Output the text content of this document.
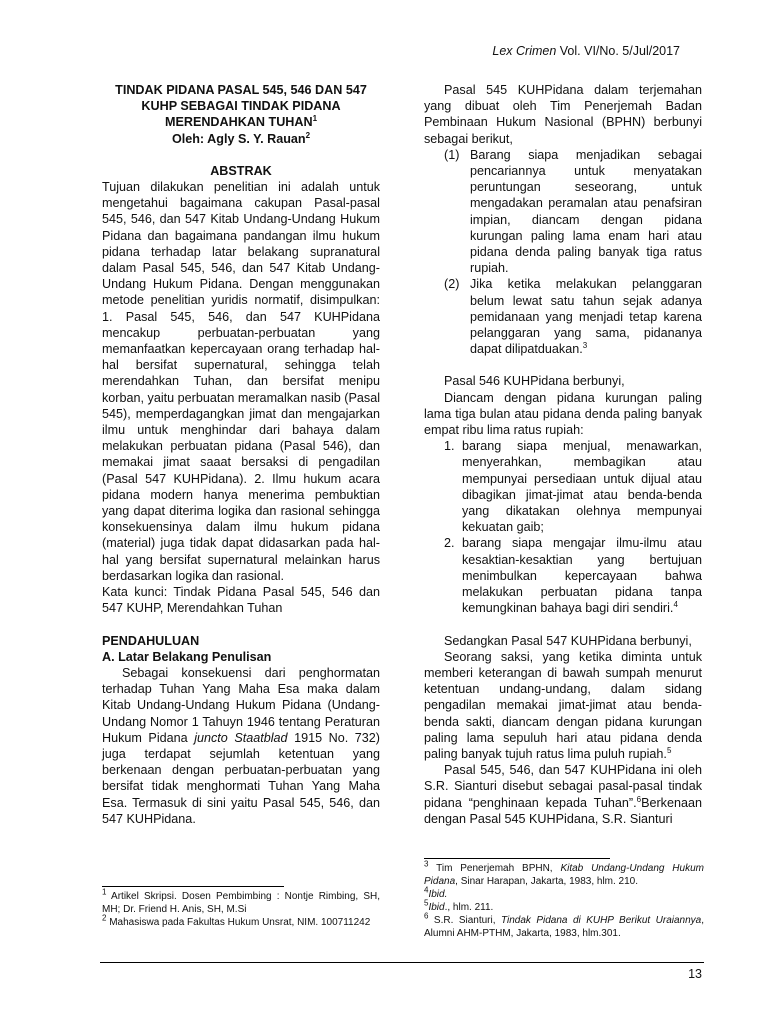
Lex Crimen Vol. VI/No. 5/Jul/2017

TINDAK PIDANA PASAL 545, 546 DAN 547
KUHP SEBAGAI TINDAK PIDANA
MERENDAHKAN TUHAN$^1$
Oleh: Agly S. Y. Rauan$^2$

ABSTRAK

Tujuan dilakukan penelitian ini adalah untuk mengetahui bagaimana cakupan Pasal-pasal 545, 546, dan 547 Kitab Undang-Undang Hukum Pidana dan bagaimana pandangan ilmu hukum pidana terhadap latar belakang supranatural dalam Pasal 545, 546, dan 547 Kitab Undang-Undang Hukum Pidana. Dengan menggunakan metode penelitian yuridis normatif, disimpulkan: 1. Pasal 545, 546, dan 547 KUHPidana mencakup perbuatan-perbuatan yang memanfaatkan kepercayaan orang terhadap hal-hal bersifat supernatural, sehingga telah merendahkan Tuhan, dan bersifat menipu korban, yaitu perbuatan meramalkan nasib (Pasal 545), memperdagangkan jimat dan mengajarkan ilmu untuk menghindar dari bahaya dalam melakukan perbuatan pidana (Pasal 546), dan memakai jimat saaat bersaksi di pengadilan (Pasal 547 KUHPidana). 2. Ilmu hukum acara pidana modern hanya menerima pembuktian yang dapat diterima logika dan rasional sehingga konsekuensinya dalam ilmu hukum pidana (material) juga tidak dapat didasarkan pada hal-hal yang bersifat supernatural melainkan harus berdasarkan logika dan rasional.

Kata kunci: Tindak Pidana Pasal 545, 546 dan 547 KUHP, Merendahkan Tuhan

PENDAHULUAN

A. Latar Belakang Penulisan

Sebagai konsekuensi dari penghormatan terhadap Tuhan Yang Maha Esa maka dalam Kitab Undang-Undang Hukum Pidana (Undang-Undang Nomor 1 Tahuyn 1946 tentang Peraturan Hukum Pidana juncto Staatblad 1915 No. 732) juga terdapat sejumlah ketentuan yang berkenaan dengan perbuatan-perbuatan yang bersifat tidak menghormati Tuhan Yang Maha Esa. Termasuk di sini yaitu Pasal 545, 546, dan 547 KUHPidana.

Pasal 545 KUHPidana dalam terjemahan yang dibuat oleh Tim Penerjemah Badan Pembinaan Hukum Nasional (BPHN) berbunyi sebagai berikut,

(1) Barang siapa menjadikan sebagai pencariannya untuk menyatakan peruntungan seseorang, untuk mengadakan peramalan atau penafsiran impian, diancam dengan pidana kurungan paling lama enam hari atau pidana denda paling banyak tiga ratus rupiah.
(2) Jika ketika melakukan pelanggaran belum lewat satu tahun sejak adanya pemidanaan yang menjadi tetap karena pelanggaran yang sama, pidananya dapat dilipatduakan.$^3$

Pasal 546 KUHPidana berbunyi,

Diancam dengan pidana kurungan paling lama tiga bulan atau pidana denda paling banyak empat ribu lima ratus rupiah:

1. barang siapa menjual, menawarkan, menyerahkan, membagikan atau mempunyai persediaan untuk dijual atau dibagikan jimat-jimat atau benda-benda yang dikatakan olehnya mempunyai kekuatan gaib;
2. barang siapa mengajar ilmu-ilmu atau kesaktian-kesaktian yang bertujuan menimbulkan kepercayaan bahwa melakukan perbuatan pidana tanpa kemungkinan bahaya bagi diri sendiri.$^4$

Sedangkan Pasal 547 KUHPidana berbunyi,

Seorang saksi, yang ketika diminta untuk memberi keterangan di bawah sumpah menurut ketentuan undang-undang, dalam sidang pengadilan memakai jimat-jimat atau benda-benda sakti, diancam dengan pidana kurungan paling lama sepuluh hari atau pidana denda paling banyak tujuh ratus lima puluh rupiah.$^5$

Pasal 545, 546, dan 547 KUHPidana ini oleh S.R. Sianturi disebut sebagai pasal-pasal tindak pidana “penghinaan kepada Tuhan”.$^6$Berkenaan dengan Pasal 545 KUHPidana, S.R. Sianturi

$^1$ Artikel Skripsi. Dosen Pembimbing : Nontje Rimbing, SH, MH; Dr. Friend H. Anis, SH, M.Si

$^2$ Mahasiswa pada Fakultas Hukum Unsrat, NIM. 100711242

$^3$ Tim Penerjemah BPHN, Kitab Undang-Undang Hukum Pidana, Sinar Harapan, Jakarta, 1983, hlm. 210.

$^4$Ibid.

$^5$Ibid., hlm. 211.

$^6$ S.R. Sianturi, Tindak Pidana di KUHP Berikut Uraiannya, Alumni AHM-PTHM, Jakarta, 1983, hlm.301.

13
